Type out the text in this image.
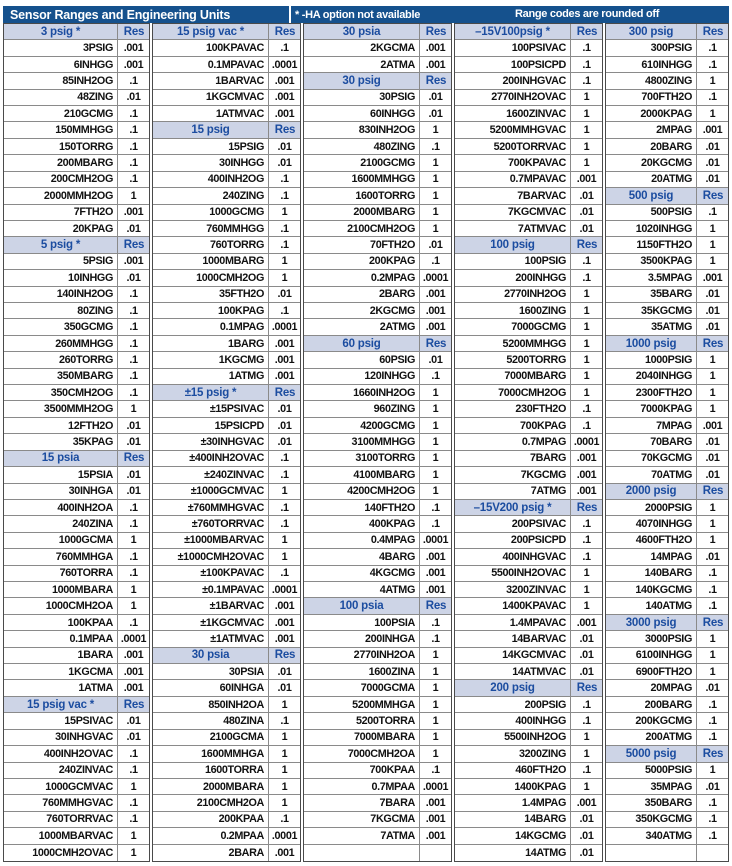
Sensor Ranges and Engineering Units	* -HA option not available	Range codes are rounded off
3 psig *	Res
3PSIG .001
6INHGG .001
85INH2OG	.1
48ZING	.01
210GCMG	.1
150MMHGG	.1
150TORRG	.1
200MBARG	.1
200CMH2OG	.1
2000MMH2OG	1
7FTH2O .001
20KPAG	.01
5 psig *	Res
5PSIG .001
10INHGG	.01
140INH2OG	.1
80ZING	.1
350GCMG	.1
260MMHGG	.1
260TORRG	.1
350MBARG	.1
350CMH2OG	.1
3500MMH2OG	1
12FTH2O	.01
35KPAG	.01
15 psia	Res
15PSIA	.01
30INHGA	.01
400INH2OA	.1
240ZINA	.1
1000GCMA	1
760MMHGA	.1
760TORRA	.1
1000MBARA	1
1000CMH2OA	1
100KPAA	.1
0.1MPAA .0001
1BARA .001
1KGCMA .001
1ATMA .001
15 psig vac *	Res
15PSIVAC	.01
30INHGVAC	.01
400INH2OVAC	.1
240ZINVAC	.1
1000GCMVAC	1
760MMHGVAC	.1
760TORRVAC	.1
1000MBARVAC	1
1000CMH2OVAC	1
15 psig vac *	Res
100KPAVAC	.1
0.1MPAVAC .0001
1BARVAC .001
1KGCMVAC .001
1ATMVAC .001
15 psig	Res
15PSIG	.01
30INHGG	.01
400INH2OG	.1
240ZING	.1
1000GCMG	1
760MMHGG	.1
760TORRG	.1
1000MBARG	1
1000CMH2OG	1
35FTH2O	.01
100KPAG	.1
0.1MPAG .0001
1BARG .001
1KGCMG .001
1ATMG .001
±15 psig *	Res
±15PSIVAC	.01
15PSICPD	.01
±30INHGVAC	.01
±400INH2OVAC	.1
±240ZINVAC	.1
±1000GCMVAC	1
±760MMHGVAC	.1
±760TORRVAC	.1
±1000MBARVAC	1
±1000CMH2OVAC	1
±100KPAVAC	.1
±0.1MPAVAC .0001
±1BARVAC .001
±1KGCMVAC .001
±1ATMVAC .001
30 psia	Res
30PSIA	.01
60INHGA	.01
850INH2OA	1
480ZINA	.1
2100GCMA	1
1600MMHGA	1
1600TORRA	1
2000MBARA	1
2100CMH2OA	1
200KPAA	.1
0.2MPAA .0001
2BARA .001
30 psia	Res
2KGCMA .001
2ATMA .001
30 psig	Res
30PSIG	.01
60INHGG	.01
830INH2OG	1
480ZING	.1
2100GCMG	1
1600MMHGG	1
1600TORRG	1
2000MBARG	1
2100CMH2OG	1
70FTH2O	.01
200KPAG	.1
0.2MPAG .0001
2BARG .001
2KGCMG .001
2ATMG .001
60 psig	Res
60PSIG	.01
120INHGG	.1
1660INH2OG	1
960ZING	1
4200GCMG	1
3100MMHGG	1
3100TORRG	1
4100MBARG	1
4200CMH2OG	1
140FTH2O	.1
400KPAG	.1
0.4MPAG .0001
4BARG .001
4KGCMG .001
4ATMG .001
100 psia	Res
100PSIA	.1
200INHGA	.1
2770INH2OA	1
1600ZINA	1
7000GCMA	1
5200MMHGA	1
5200TORRA	1
7000MBARA	1
7000CMH2OA	1
700KPAA	.1
0.7MPAA .0001
7BARA .001
7KGCMA .001
7ATMA .001
–15V100psig *	Res
100PSIVAC	.1
100PSICPD	.1
200INHGVAC	.1
2770INH2OVAC	1
1600ZINVAC	1
5200MMHGVAC	1
5200TORRVAC	1
700KPAVAC	1
0.7MPAVAC .001
7BARVAC	.01
7KGCMVAC	.01
7ATMVAC	.01
100 psig	Res
100PSIG	.1
200INHGG	.1
2770INH2OG	1
1600ZING	1
7000GCMG	1
5200MMHGG	1
5200TORRG	1
7000MBARG	1
7000CMH2OG	1
230FTH2O	.1
700KPAG	.1
0.7MPAG .0001
7BARG .001
7KGCMG .001
7ATMG .001
–15V200 psig *	Res
200PSIVAC	.1
200PSICPD	.1
400INHGVAC	.1
5500INH2OVAC	1
3200ZINVAC	1
1400KPAVAC	1
1.4MPAVAC .001
14BARVAC	.01
14KGCMVAC	.01
14ATMVAC	.01
200 psig	Res
200PSIG	.1
400INHGG	.1
5500INH2OG	1
3200ZING	1
460FTH2O	.1
1400KPAG	1
1.4MPAG .001
14BARG	.01
14KGCMG	.01
14ATMG	.01
300 psig	Res
300PSIG	.1
610INHGG	.1
4800ZING	1
700FTH2O	.1
2000KPAG	1
2MPAG .001
20BARG	.01
20KGCMG	.01
20ATMG	.01
500 psig	Res
500PSIG	.1
1020INHGG	1
1150FTH2O	1
3500KPAG	1
3.5MPAG .001
35BARG	.01
35KGCMG	.01
35ATMG	.01
1000 psig	Res
1000PSIG	1
2040INHGG	1
2300FTH2O	1
7000KPAG	1
7MPAG .001
70BARG	.01
70KGCMG	.01
70ATMG	.01
2000 psig	Res
2000PSIG	1
4070INHGG	1
4600FTH2O	1
14MPAG	.01
140BARG	.1
140KGCMG	.1
140ATMG	.1
3000 psig	Res
3000PSIG	1
6100INHGG	1
6900FTH2O	1
20MPAG	.01
200BARG	.1
200KGCMG	.1
200ATMG	.1
5000 psig	Res
5000PSIG	1
35MPAG	.01
350BARG	.1
350KGCMG	.1
340ATMG	.1
